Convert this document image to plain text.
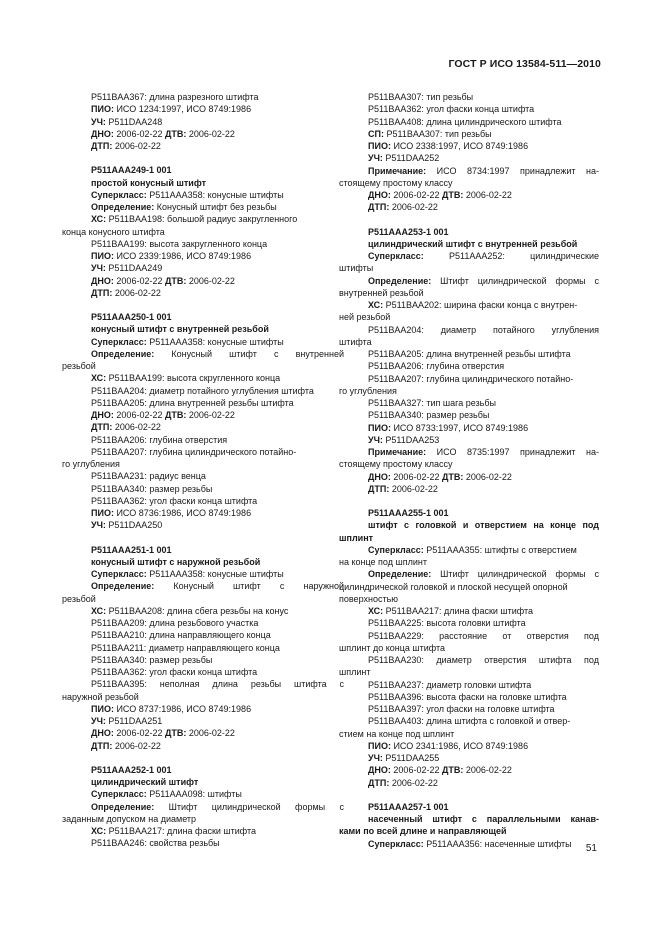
ГОСТ Р ИСО 13584-511—2010
P511BAA367: длина разрезного штифта
ПИО: ИСО 1234:1997, ИСО 8749:1986
УЧ: P511DAA248
ДНО: 2006-02-22 ДТВ: 2006-02-22
ДТП: 2006-02-22
P511AAA249-1 001
простой конусный штифт
Суперкласс: P511AAA358: конусные штифты
Определение: Конусный штифт без резьбы
ХС: P511BAA198: большой радиус закругленного
конца конусного штифта
P511BAA199: высота закругленного конца
ПИО: ИСО 2339:1986, ИСО 8749:1986
УЧ: P511DAA249
ДНО: 2006-02-22 ДТВ: 2006-02-22
ДТП: 2006-02-22
P511AAA250-1 001
конусный штифт с внутренней резьбой
Суперкласс: P511AAA358: конусные штифты
Определение: Конусный штифт с внутренней
резьбой
ХС: P511BAA199: высота скругленного конца
P511BAA204: диаметр потайного углубления штифта
P511BAA205: длина внутренней резьбы штифта
ДНО: 2006-02-22 ДТВ: 2006-02-22
ДТП: 2006-02-22
P511BAA206: глубина отверстия
P511BAA207: глубина цилиндрического потайно-
го углубления
P511BAA231: радиус венца
P511BAA340: размер резьбы
P511BAA362: угол фаски конца штифта
ПИО: ИСО 8736:1986, ИСО 8749:1986
УЧ: P511DAA250
P511AAA251-1 001
конусный штифт с наружной резьбой
Суперкласс: P511AAA358: конусные штифты
Определение: Конусный штифт с наружной
резьбой
ХС: P511BAA208: длина сбега резьбы на конус
P511BAA209: длина резьбового участка
P511BAA210: длина направляющего конца
P511BAA211: диаметр направляющего конца
P511BAA340: размер резьбы
P511BAA362: угол фаски конца штифта
P511BAA395: неполная длина резьбы штифта с
наружной резьбой
ПИО: ИСО 8737:1986, ИСО 8749:1986
УЧ: P511DAA251
ДНО: 2006-02-22 ДТВ: 2006-02-22
ДТП: 2006-02-22
P511AAA252-1 001
цилиндрический штифт
Суперкласс: P511AAA098: штифты
Определение: Штифт цилиндрической формы с
заданным допуском на диаметр
ХС: P511BAA217: длина фаски штифта
P511BAA246: свойства резьбы
P511BAA307: тип резьбы
P511BAA362: угол фаски конца штифта
P511BAA408: длина цилиндрического штифта
СП: P511BAA307: тип резьбы
ПИО: ИСО 2338:1997, ИСО 8749:1986
УЧ: P511DAA252
Примечание: ИСО 8734:1997 принадлежит на-
стоящему простому классу
ДНО: 2006-02-22 ДТВ: 2006-02-22
ДТП: 2006-02-22
P511AAA253-1 001
цилиндрический штифт с внутренней резьбой
Суперкласс: P511AAA252: цилиндрические
штифты
Определение: Штифт цилиндрической формы с
внутренней резьбой
ХС: P511BAA202: ширина фаски конца с внутрен-
ней резьбой
P511BAA204: диаметр потайного углубления
штифта
P511BAA205: длина внутренней резьбы штифта
P511BAA206: глубина отверстия
P511BAA207: глубина цилиндрического потайно-
го углубления
P511BAA327: тип шага резьбы
P511BAA340: размер резьбы
ПИО: ИСО 8733:1997, ИСО 8749:1986
УЧ: P511DAA253
Примечание: ИСО 8735:1997 принадлежит на-
стоящему простому классу
ДНО: 2006-02-22 ДТВ: 2006-02-22
ДТП: 2006-02-22
P511AAA255-1 001
штифт с головкой и отверстием на конце под
шплинт
Суперкласс: P511AAA355: штифты с отверстием
на конце под шплинт
Определение: Штифт цилиндрической формы с
цилиндрической головкой и плоской несущей опорной
поверхностью
ХС: P511BAA217: длина фаски штифта
P511BAA225: высота головки штифта
P511BAA229: расстояние от отверстия под
шплинт до конца штифта
P511BAA230: диаметр отверстия штифта под
шплинт
P511BAA237: диаметр головки штифта
P511BAA396: высота фаски на головке штифта
P511BAA397: угол фаски на головке штифта
P511BAA403: длина штифта с головкой и отвер-
стием на конце под шплинт
ПИО: ИСО 2341:1986, ИСО 8749:1986
УЧ: P511DAA255
ДНО: 2006-02-22 ДТВ: 2006-02-22
ДТП: 2006-02-22
P511AAA257-1 001
насеченный штифт с параллельными канав-
ками по всей длине и направляющей
Суперкласс: P511AAA356: насеченные штифты	51
